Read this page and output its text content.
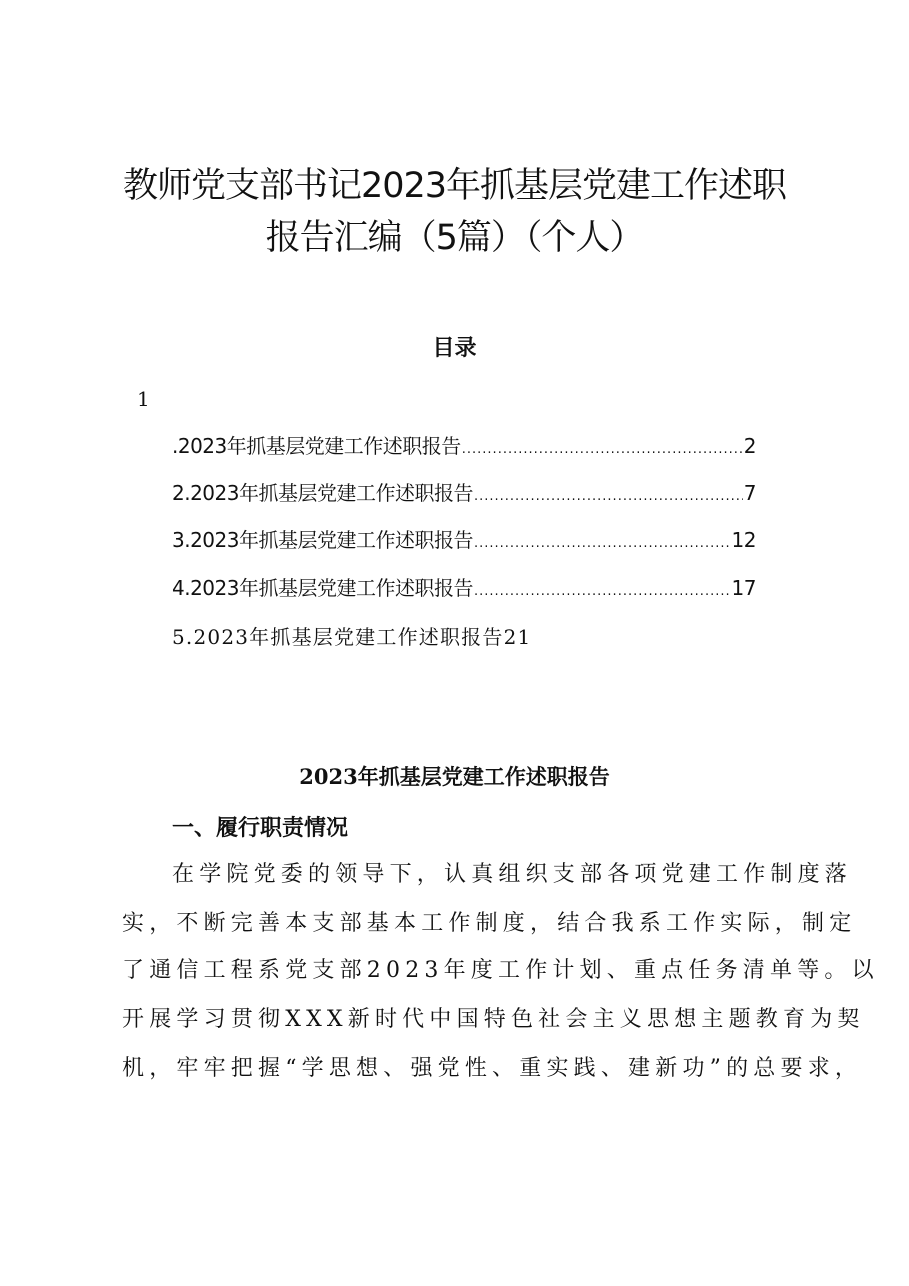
教师党支部书记2023年抓基层党建工作述职
报告汇编（5篇）（个人）
目录
1
.2023年抓基层党建工作述职报告 .....	2
2.2023年抓基层党建工作述职报告 .....	7
3.2023年抓基层党建工作述职报告 .....	12
4.2023年抓基层党建工作述职报告 .....	17
5.2023年抓基层党建工作述职报告21
2023年抓基层党建工作述职报告
一、履行职责情况
在学院党委的领导下，认真组织支部各项党建工作制度落
实，不断完善本支部基本工作制度，结合我系工作实际，制定
了通信工程系党支部2023年度工作计划、重点任务清单等。以
开展学习贯彻XXX新时代中国特色社会主义思想主题教育为契
机，牢牢把握“学思想、强党性、重实践、建新功”的总要求，
